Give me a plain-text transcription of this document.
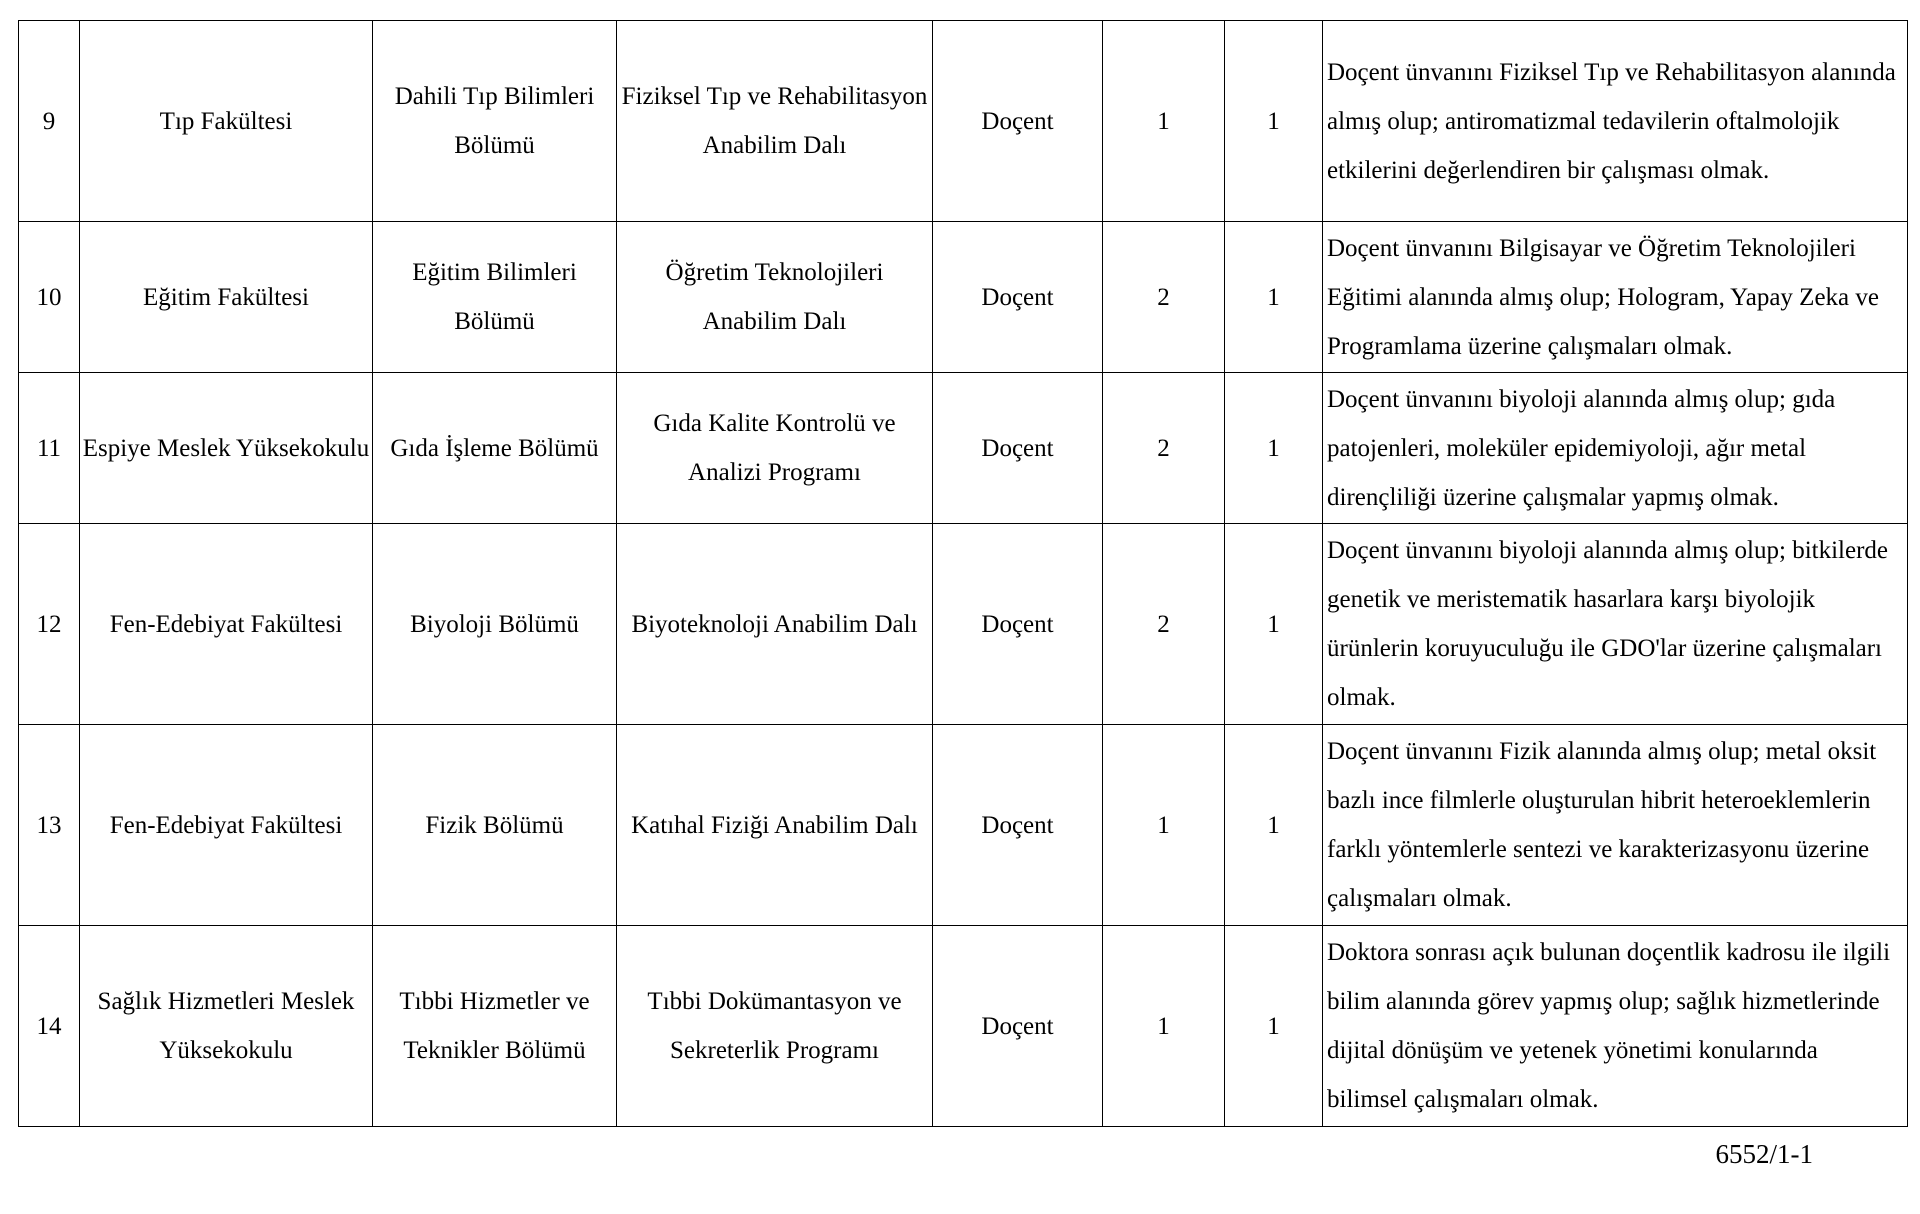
9	Tıp Fakültesi	Dahili Tıp Bilimleri Bölümü	Fiziksel Tıp ve Rehabilitasyon Anabilim Dalı	Doçent	1	1	Doçent ünvanını Fiziksel Tıp ve Rehabilitasyon alanında almış olup; antiromatizmal tedavilerin oftalmolojik etkilerini değerlendiren bir çalışması olmak.
10	Eğitim Fakültesi	Eğitim Bilimleri Bölümü	Öğretim Teknolojileri Anabilim Dalı	Doçent	2	1	Doçent ünvanını Bilgisayar ve Öğretim Teknolojileri Eğitimi alanında almış olup; Hologram, Yapay Zeka ve Programlama üzerine çalışmaları olmak.
11	Espiye Meslek Yüksekokulu	Gıda İşleme Bölümü	Gıda Kalite Kontrolü ve Analizi Programı	Doçent	2	1	Doçent ünvanını biyoloji alanında almış olup; gıda patojenleri, moleküler epidemiyoloji, ağır metal dirençliliği üzerine çalışmalar yapmış olmak.
12	Fen-Edebiyat Fakültesi	Biyoloji Bölümü	Biyoteknoloji Anabilim Dalı	Doçent	2	1	Doçent ünvanını biyoloji alanında almış olup; bitkilerde genetik ve meristematik hasarlara karşı biyolojik ürünlerin koruyuculuğu ile GDO'lar üzerine çalışmaları olmak.
13	Fen-Edebiyat Fakültesi	Fizik Bölümü	Katıhal Fiziği Anabilim Dalı	Doçent	1	1	Doçent ünvanını Fizik alanında almış olup; metal oksit bazlı ince filmlerle oluşturulan hibrit heteroeklemlerin farklı yöntemlerle sentezi ve karakterizasyonu üzerine çalışmaları olmak.
14	Sağlık Hizmetleri Meslek Yüksekokulu	Tıbbi Hizmetler ve Teknikler Bölümü	Tıbbi Dokümantasyon ve Sekreterlik Programı	Doçent	1	1	Doktora sonrası açık bulunan doçentlik kadrosu ile ilgili bilim alanında görev yapmış olup; sağlık hizmetlerinde dijital dönüşüm ve yetenek yönetimi konularında bilimsel çalışmaları olmak.
6552/1-1
